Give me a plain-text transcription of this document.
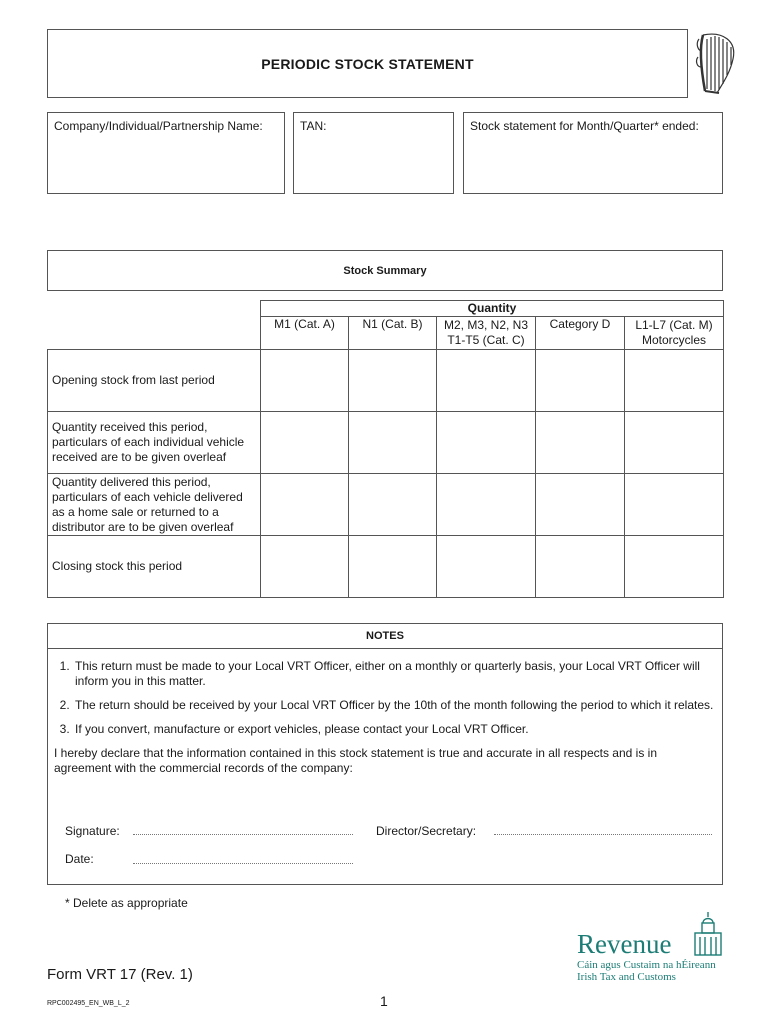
PERIODIC STOCK STATEMENT
Company/Individual/Partnership Name:	TAN:	Stock statement for Month/Quarter* ended:
Stock Summary
	Quantity				
	M1 (Cat. A)	N1 (Cat. B)	M2, M3, N2, N3 T1-T5 (Cat. C)	Category D	L1-L7 (Cat. M) Motorcycles
Opening stock from last period					
Quantity received this period, particulars of each individual vehicle received are to be given overleaf					
Quantity delivered this period, particulars of each vehicle delivered as a home sale or returned to a distributor are to be given overleaf					
Closing stock this period					
NOTES
1. This return must be made to your Local VRT Officer, either on a monthly or quarterly basis, your Local VRT Officer will inform you in this matter.
2. The return should be received by your Local VRT Officer by the 10th of the month following the period to which it relates.
3. If you convert, manufacture or export vehicles, please contact your Local VRT Officer.
I hereby declare that the information contained in this stock statement is true and accurate in all respects and is in agreement with the commercial records of the company:
Signature:	Director/Secretary:
Date:
* Delete as appropriate
Form VRT 17 (Rev. 1)
RPC002495_EN_WB_L_2	1
Revenue
Cáin agus Custaim na hÉireann
Irish Tax and Customs
